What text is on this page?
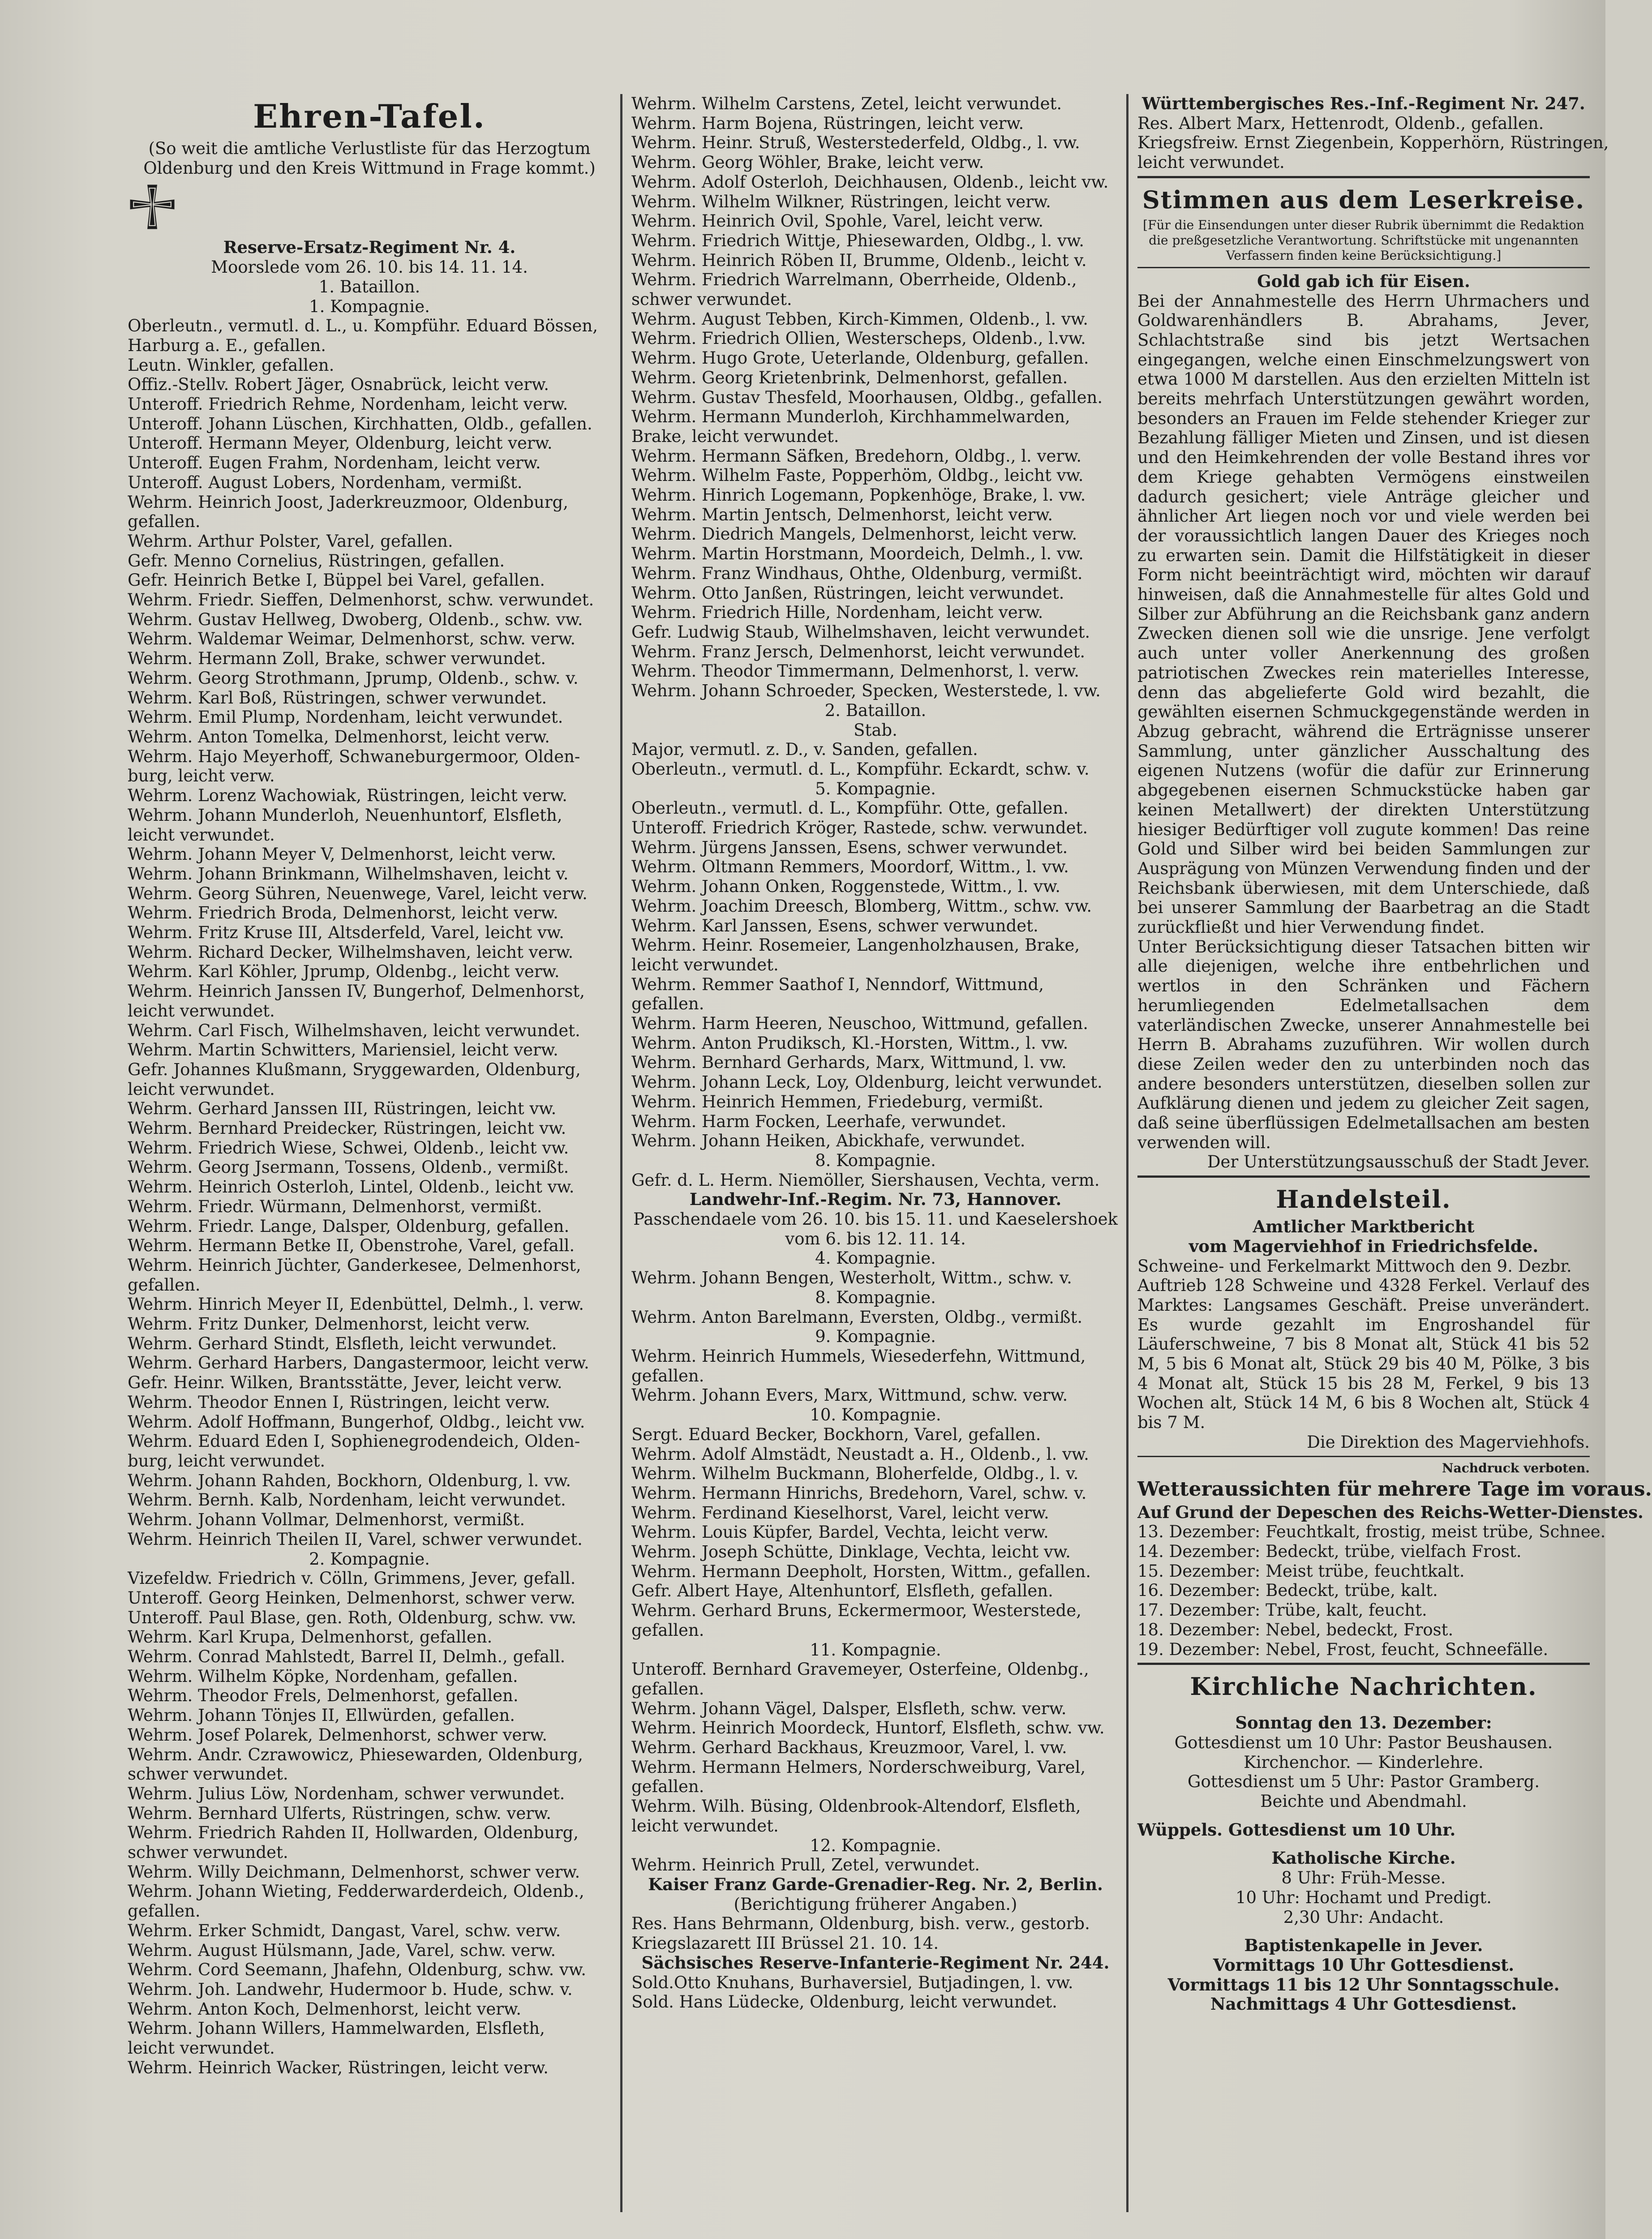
Ehren-Tafel.
(So weit die amtliche Verlustliste für das Herzogtum
Oldenburg und den Kreis Wittmund in Frage kommt.)
Reserve-Ersatz-Regiment Nr. 4.
Moorslede vom 26. 10. bis 14. 11. 14.
1. Bataillon.
1. Kompagnie.
Oberleutn., vermutl. d. L., u. Kompführ. Eduard Bössen,
Harburg a. E., gefallen.
Leutn. Winkler, gefallen.
Offiz.-Stellv. Robert Jäger, Osnabrück, leicht verw.
Unteroff. Friedrich Rehme, Nordenham, leicht verw.
Unteroff. Johann Lüschen, Kirchhatten, Oldb., gefallen.
Unteroff. Hermann Meyer, Oldenburg, leicht verw.
Unteroff. Eugen Frahm, Nordenham, leicht verw.
Unteroff. August Lobers, Nordenham, vermißt.
Wehrm. Heinrich Joost, Jaderkreuzmoor, Oldenburg,
gefallen.
Wehrm. Arthur Polster, Varel, gefallen.
Gefr. Menno Cornelius, Rüstringen, gefallen.
Gefr. Heinrich Betke I, Büppel bei Varel, gefallen.
Wehrm. Friedr. Sieffen, Delmenhorst, schw. verwundet.
Wehrm. Gustav Hellweg, Dwoberg, Oldenb., schw. vw.
Wehrm. Waldemar Weimar, Delmenhorst, schw. verw.
Wehrm. Hermann Zoll, Brake, schwer verwundet.
Wehrm. Georg Strothmann, Jprump, Oldenb., schw. v.
Wehrm. Karl Boß, Rüstringen, schwer verwundet.
Wehrm. Emil Plump, Nordenham, leicht verwundet.
Wehrm. Anton Tomelka, Delmenhorst, leicht verw.
Wehrm. Hajo Meyerhoff, Schwaneburgermoor, Olden-
burg, leicht verw.
Wehrm. Lorenz Wachowiak, Rüstringen, leicht verw.
Wehrm. Johann Munderloh, Neuenhuntorf, Elsfleth,
leicht verwundet.
Wehrm. Johann Meyer V, Delmenhorst, leicht verw.
Wehrm. Johann Brinkmann, Wilhelmshaven, leicht v.
Wehrm. Georg Sühren, Neuenwege, Varel, leicht verw.
Wehrm. Friedrich Broda, Delmenhorst, leicht verw.
Wehrm. Fritz Kruse III, Altsderfeld, Varel, leicht vw.
Wehrm. Richard Decker, Wilhelmshaven, leicht verw.
Wehrm. Karl Köhler, Jprump, Oldenbg., leicht verw.
Wehrm. Heinrich Janssen IV, Bungerhof, Delmenhorst,
leicht verwundet.
Wehrm. Carl Fisch, Wilhelmshaven, leicht verwundet.
Wehrm. Martin Schwitters, Mariensiel, leicht verw.
Gefr. Johannes Klußmann, Sryggewarden, Oldenburg,
leicht verwundet.
Wehrm. Gerhard Janssen III, Rüstringen, leicht vw.
Wehrm. Bernhard Preidecker, Rüstringen, leicht vw.
Wehrm. Friedrich Wiese, Schwei, Oldenb., leicht vw.
Wehrm. Georg Jsermann, Tossens, Oldenb., vermißt.
Wehrm. Heinrich Osterloh, Lintel, Oldenb., leicht vw.
Wehrm. Friedr. Würmann, Delmenhorst, vermißt.
Wehrm. Friedr. Lange, Dalsper, Oldenburg, gefallen.
Wehrm. Hermann Betke II, Obenstrohe, Varel, gefall.
Wehrm. Heinrich Jüchter, Ganderkesee, Delmenhorst,
gefallen.
Wehrm. Hinrich Meyer II, Edenbüttel, Delmh., l. verw.
Wehrm. Fritz Dunker, Delmenhorst, leicht verw.
Wehrm. Gerhard Stindt, Elsfleth, leicht verwundet.
Wehrm. Gerhard Harbers, Dangastermoor, leicht verw.
Gefr. Heinr. Wilken, Brantsstätte, Jever, leicht verw.
Wehrm. Theodor Ennen I, Rüstringen, leicht verw.
Wehrm. Adolf Hoffmann, Bungerhof, Oldbg., leicht vw.
Wehrm. Eduard Eden I, Sophienegrodendeich, Olden-
burg, leicht verwundet.
Wehrm. Johann Rahden, Bockhorn, Oldenburg, l. vw.
Wehrm. Bernh. Kalb, Nordenham, leicht verwundet.
Wehrm. Johann Vollmar, Delmenhorst, vermißt.
Wehrm. Heinrich Theilen II, Varel, schwer verwundet.
2. Kompagnie.
Vizefeldw. Friedrich v. Cölln, Grimmens, Jever, gefall.
Unteroff. Georg Heinken, Delmenhorst, schwer verw.
Unteroff. Paul Blase, gen. Roth, Oldenburg, schw. vw.
Wehrm. Karl Krupa, Delmenhorst, gefallen.
Wehrm. Conrad Mahlstedt, Barrel II, Delmh., gefall.
Wehrm. Wilhelm Köpke, Nordenham, gefallen.
Wehrm. Theodor Frels, Delmenhorst, gefallen.
Wehrm. Johann Tönjes II, Ellwürden, gefallen.
Wehrm. Josef Polarek, Delmenhorst, schwer verw.
Wehrm. Andr. Czrawowicz, Phiesewarden, Oldenburg,
schwer verwundet.
Wehrm. Julius Löw, Nordenham, schwer verwundet.
Wehrm. Bernhard Ulferts, Rüstringen, schw. verw.
Wehrm. Friedrich Rahden II, Hollwarden, Oldenburg,
schwer verwundet.
Wehrm. Willy Deichmann, Delmenhorst, schwer verw.
Wehrm. Johann Wieting, Fedderwarderdeich, Oldenb.,
gefallen.
Wehrm. Erker Schmidt, Dangast, Varel, schw. verw.
Wehrm. August Hülsmann, Jade, Varel, schw. verw.
Wehrm. Cord Seemann, Jhafehn, Oldenburg, schw. vw.
Wehrm. Joh. Landwehr, Hudermoor b. Hude, schw. v.
Wehrm. Anton Koch, Delmenhorst, leicht verw.
Wehrm. Johann Willers, Hammelwarden, Elsfleth,
leicht verwundet.
Wehrm. Heinrich Wacker, Rüstringen, leicht verw.
Wehrm. Wilhelm Carstens, Zetel, leicht verwundet.
Wehrm. Harm Bojena, Rüstringen, leicht verw.
Wehrm. Heinr. Struß, Westerstederfeld, Oldbg., l. vw.
Wehrm. Georg Wöhler, Brake, leicht verw.
Wehrm. Adolf Osterloh, Deichhausen, Oldenb., leicht vw.
Wehrm. Wilhelm Wilkner, Rüstringen, leicht verw.
Wehrm. Heinrich Ovil, Spohle, Varel, leicht verw.
Wehrm. Friedrich Wittje, Phiesewarden, Oldbg., l. vw.
Wehrm. Heinrich Röben II, Brumme, Oldenb., leicht v.
Wehrm. Friedrich Warrelmann, Oberrheide, Oldenb.,
schwer verwundet.
Wehrm. August Tebben, Kirch-Kimmen, Oldenb., l. vw.
Wehrm. Friedrich Ollien, Westerscheps, Oldenb., l.vw.
Wehrm. Hugo Grote, Ueterlande, Oldenburg, gefallen.
Wehrm. Georg Krietenbrink, Delmenhorst, gefallen.
Wehrm. Gustav Thesfeld, Moorhausen, Oldbg., gefallen.
Wehrm. Hermann Munderloh, Kirchhammelwarden,
Brake, leicht verwundet.
Wehrm. Hermann Säfken, Bredehorn, Oldbg., l. verw.
Wehrm. Wilhelm Faste, Popperhöm, Oldbg., leicht vw.
Wehrm. Hinrich Logemann, Popkenhöge, Brake, l. vw.
Wehrm. Martin Jentsch, Delmenhorst, leicht verw.
Wehrm. Diedrich Mangels, Delmenhorst, leicht verw.
Wehrm. Martin Horstmann, Moordeich, Delmh., l. vw.
Wehrm. Franz Windhaus, Ohthe, Oldenburg, vermißt.
Wehrm. Otto Janßen, Rüstringen, leicht verwundet.
Wehrm. Friedrich Hille, Nordenham, leicht verw.
Gefr. Ludwig Staub, Wilhelmshaven, leicht verwundet.
Wehrm. Franz Jersch, Delmenhorst, leicht verwundet.
Wehrm. Theodor Timmermann, Delmenhorst, l. verw.
Wehrm. Johann Schroeder, Specken, Westerstede, l. vw.
2. Bataillon.
Stab.
Major, vermutl. z. D., v. Sanden, gefallen.
Oberleutn., vermutl. d. L., Kompführ. Eckardt, schw. v.
5. Kompagnie.
Oberleutn., vermutl. d. L., Kompführ. Otte, gefallen.
Unteroff. Friedrich Kröger, Rastede, schw. verwundet.
Wehrm. Jürgens Janssen, Esens, schwer verwundet.
Wehrm. Oltmann Remmers, Moordorf, Wittm., l. vw.
Wehrm. Johann Onken, Roggenstede, Wittm., l. vw.
Wehrm. Joachim Dreesch, Blomberg, Wittm., schw. vw.
Wehrm. Karl Janssen, Esens, schwer verwundet.
Wehrm. Heinr. Rosemeier, Langenholzhausen, Brake,
leicht verwundet.
Wehrm. Remmer Saathof I, Nenndorf, Wittmund,
gefallen.
Wehrm. Harm Heeren, Neuschoo, Wittmund, gefallen.
Wehrm. Anton Prudiksch, Kl.-Horsten, Wittm., l. vw.
Wehrm. Bernhard Gerhards, Marx, Wittmund, l. vw.
Wehrm. Johann Leck, Loy, Oldenburg, leicht verwundet.
Wehrm. Heinrich Hemmen, Friedeburg, vermißt.
Wehrm. Harm Focken, Leerhafe, verwundet.
Wehrm. Johann Heiken, Abickhafe, verwundet.
8. Kompagnie.
Gefr. d. L. Herm. Niemöller, Siershausen, Vechta, verm.
Landwehr-Inf.-Regim. Nr. 73, Hannover.
Passchendaele vom 26. 10. bis 15. 11. und Kaeselershoek
vom 6. bis 12. 11. 14.
4. Kompagnie.
Wehrm. Johann Bengen, Westerholt, Wittm., schw. v.
8. Kompagnie.
Wehrm. Anton Barelmann, Eversten, Oldbg., vermißt.
9. Kompagnie.
Wehrm. Heinrich Hummels, Wiesederfehn, Wittmund,
gefallen.
Wehrm. Johann Evers, Marx, Wittmund, schw. verw.
10. Kompagnie.
Sergt. Eduard Becker, Bockhorn, Varel, gefallen.
Wehrm. Adolf Almstädt, Neustadt a. H., Oldenb., l. vw.
Wehrm. Wilhelm Buckmann, Bloherfelde, Oldbg., l. v.
Wehrm. Hermann Hinrichs, Bredehorn, Varel, schw. v.
Wehrm. Ferdinand Kieselhorst, Varel, leicht verw.
Wehrm. Louis Küpfer, Bardel, Vechta, leicht verw.
Wehrm. Joseph Schütte, Dinklage, Vechta, leicht vw.
Wehrm. Hermann Deepholt, Horsten, Wittm., gefallen.
Gefr. Albert Haye, Altenhuntorf, Elsfleth, gefallen.
Wehrm. Gerhard Bruns, Eckermermoor, Westerstede,
gefallen.
11. Kompagnie.
Unteroff. Bernhard Gravemeyer, Osterfeine, Oldenbg.,
gefallen.
Wehrm. Johann Vägel, Dalsper, Elsfleth, schw. verw.
Wehrm. Heinrich Moordeck, Huntorf, Elsfleth, schw. vw.
Wehrm. Gerhard Backhaus, Kreuzmoor, Varel, l. vw.
Wehrm. Hermann Helmers, Norderschweiburg, Varel,
gefallen.
Wehrm. Wilh. Büsing, Oldenbrook-Altendorf, Elsfleth,
leicht verwundet.
12. Kompagnie.
Wehrm. Heinrich Prull, Zetel, verwundet.
Kaiser Franz Garde-Grenadier-Reg. Nr. 2, Berlin.
(Berichtigung früherer Angaben.)
Res. Hans Behrmann, Oldenburg, bish. verw., gestorb.
Kriegslazarett III Brüssel 21. 10. 14.
Sächsisches Reserve-Infanterie-Regiment Nr. 244.
Sold.Otto Knuhans, Burhaversiel, Butjadingen, l. vw.
Sold. Hans Lüdecke, Oldenburg, leicht verwundet.
Württembergisches Res.-Inf.-Regiment Nr. 247.
Res. Albert Marx, Hettenrodt, Oldenb., gefallen.
Kriegsfreiw. Ernst Ziegenbein, Kopperhörn, Rüstringen,
leicht verwundet.
Stimmen aus dem Leserkreise.
[Für die Einsendungen unter dieser Rubrik übernimmt die Redaktion
die preßgesetzliche Verantwortung. Schriftstücke mit ungenannten
Verfassern finden keine Berücksichtigung.]
Gold gab ich für Eisen.
Bei der Annahmestelle des Herrn Uhrmachers und Goldwarenhändlers B. Abrahams, Jever, Schlachtstraße sind bis jetzt Wertsachen eingegangen, welche einen Einschmelzungswert von etwa 1000 M darstellen. Aus den erzielten Mitteln ist bereits mehrfach Unterstützungen gewährt worden, besonders an Frauen im Felde stehender Krieger zur Bezahlung fälliger Mieten und Zinsen, und ist diesen und den Heimkehrenden der volle Bestand ihres vor dem Kriege gehabten Vermögens einstweilen dadurch gesichert; viele Anträge gleicher und ähnlicher Art liegen noch vor und viele werden bei der voraussichtlich langen Dauer des Krieges noch zu erwarten sein. Damit die Hilfstätigkeit in dieser Form nicht beeinträchtigt wird, möchten wir darauf hinweisen, daß die Annahmestelle für altes Gold und Silber zur Abführung an die Reichsbank ganz andern Zwecken dienen soll wie die unsrige. Jene verfolgt auch unter voller Anerkennung des großen patriotischen Zweckes rein materielles Interesse, denn das abgelieferte Gold wird bezahlt, die gewählten eisernen Schmuckgegenstände werden in Abzug gebracht, während die Erträgnisse unserer Sammlung, unter gänzlicher Ausschaltung des eigenen Nutzens (wofür die dafür zur Erinnerung abgegebenen eisernen Schmuckstücke haben gar keinen Metallwert) der direkten Unterstützung hiesiger Bedürftiger voll zugute kommen! Das reine Gold und Silber wird bei beiden Sammlungen zur Ausprägung von Münzen Verwendung finden und der Reichsbank überwiesen, mit dem Unterschiede, daß bei unserer Sammlung der Baarbetrag an die Stadt zurückfließt und hier Verwendung findet.
Unter Berücksichtigung dieser Tatsachen bitten wir alle diejenigen, welche ihre entbehrlichen und wertlos in den Schränken und Fächern herumliegenden Edelmetallsachen dem vaterländischen Zwecke, unserer Annahmestelle bei Herrn B. Abrahams zuzuführen. Wir wollen durch diese Zeilen weder den zu unterbinden noch das andere besonders unterstützen, dieselben sollen zur Aufklärung dienen und jedem zu gleicher Zeit sagen, daß seine überflüssigen Edelmetallsachen am besten verwenden will.
Der Unterstützungsausschuß der Stadt Jever.
Handelsteil.
Amtlicher Marktbericht
vom Magerviehhof in Friedrichsfelde.
Schweine- und Ferkelmarkt Mittwoch den 9. Dezbr.
Auftrieb 128 Schweine und 4328 Ferkel. Verlauf des Marktes: Langsames Geschäft. Preise unverändert. Es wurde gezahlt im Engroshandel für Läuferschweine, 7 bis 8 Monat alt, Stück 41 bis 52 M, 5 bis 6 Monat alt, Stück 29 bis 40 M, Pölke, 3 bis 4 Monat alt, Stück 15 bis 28 M, Ferkel, 9 bis 13 Wochen alt, Stück 14 M, 6 bis 8 Wochen alt, Stück 4 bis 7 M.
Die Direktion des Magerviehhofs.
Nachdruck verboten.
Wetteraussichten für mehrere Tage im voraus.
Auf Grund der Depeschen des Reichs-Wetter-Dienstes.
13. Dezember: Feuchtkalt, frostig, meist trübe, Schnee.
14. Dezember: Bedeckt, trübe, vielfach Frost.
15. Dezember: Meist trübe, feuchtkalt.
16. Dezember: Bedeckt, trübe, kalt.
17. Dezember: Trübe, kalt, feucht.
18. Dezember: Nebel, bedeckt, Frost.
19. Dezember: Nebel, Frost, feucht, Schneefälle.
Kirchliche Nachrichten.
Sonntag den 13. Dezember:
Gottesdienst um 10 Uhr: Pastor Beushausen.
Kirchenchor. — Kinderlehre.
Gottesdienst um 5 Uhr: Pastor Gramberg.
Beichte und Abendmahl.
Wüppels. Gottesdienst um 10 Uhr.
Katholische Kirche.
8 Uhr: Früh-Messe.
10 Uhr: Hochamt und Predigt.
2,30 Uhr: Andacht.
Baptistenkapelle in Jever.
Vormittags 10 Uhr Gottesdienst.
Vormittags 11 bis 12 Uhr Sonntagsschule.
Nachmittags 4 Uhr Gottesdienst.
